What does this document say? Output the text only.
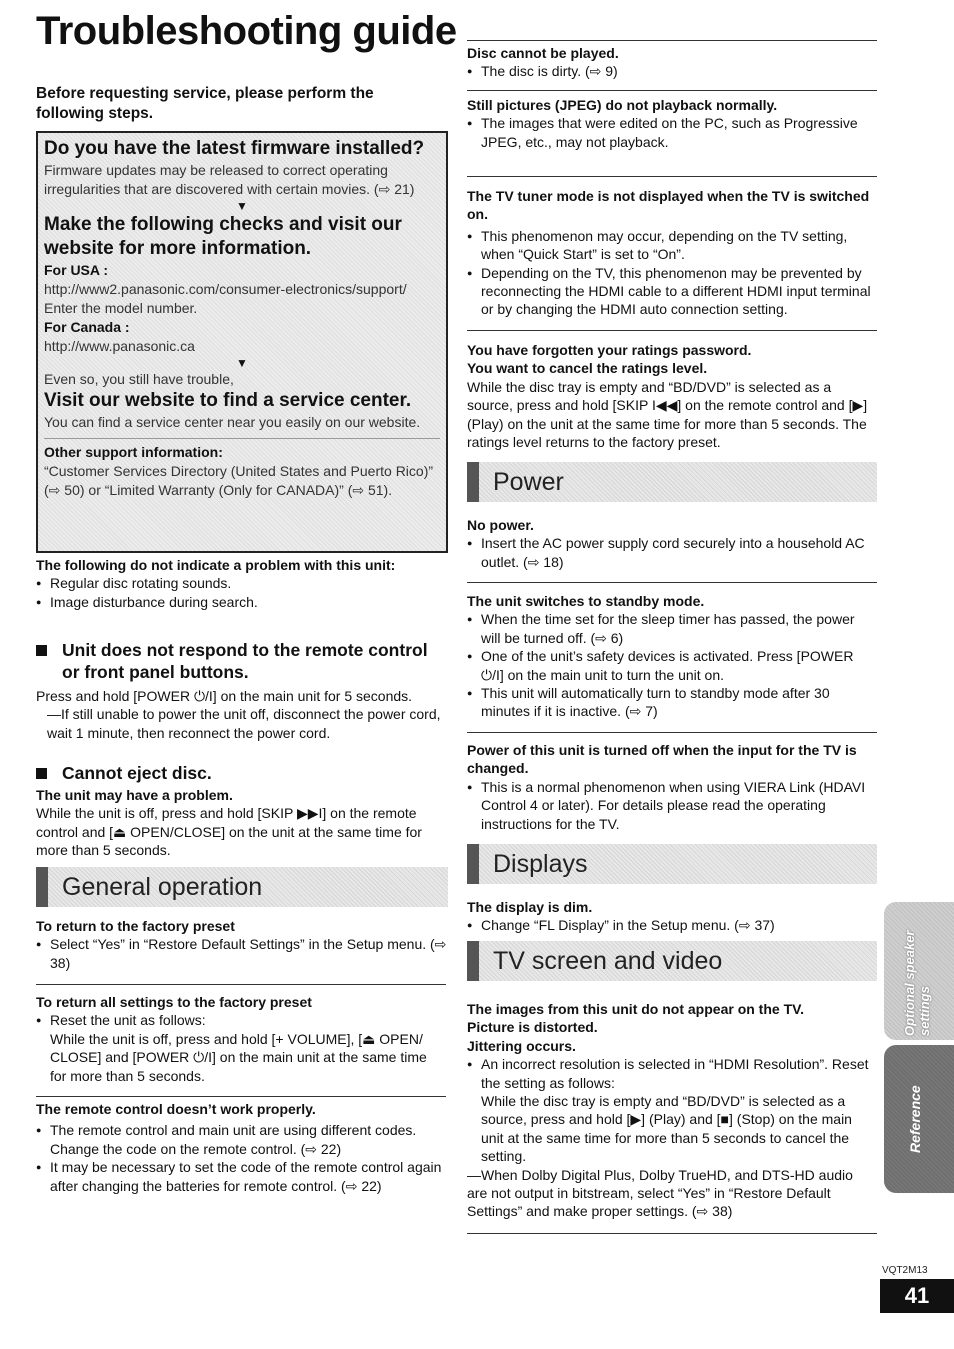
Troubleshooting guide
Before requesting service, please perform the following steps.
Do you have the latest firmware installed?

Firmware updates may be released to correct operating irregularities that are discovered with certain movies. (⇨ 21)

▼
Make the following checks and visit our website for more information.

For USA :

http://www2.panasonic.com/consumer-electronics/support/

Enter the model number.

For Canada :

http://www.panasonic.ca

▼

Even so, you still have trouble,

Visit our website to find a service center.

You can find a service center near you easily on our website.

Other support information:

“Customer Services Directory (United States and Puerto Rico)” (⇨ 50) or “Limited Warranty (Only for CANADA)” (⇨ 51).

The following do not indicate a problem with this unit:
● Regular disc rotating sounds.
● Image disturbance during search.
Unit does not respond to the remote control or front panel buttons.

Press and hold [POWER ⏻/I] on the main unit for 5 seconds.

—If still unable to power the unit off, disconnect the power cord, wait 1 minute, then reconnect the power cord.

Cannot eject disc.
The unit may have a problem.

While the unit is off, press and hold [SKIP ▶▶I] on the remote control and [⏏ OPEN/CLOSE] on the unit at the same time for more than 5 seconds.

General operation
To return to the factory preset
● Select “Yes” in “Restore Default Settings” in the Setup menu. (⇨ 38)
To return all settings to the factory preset
● Reset the unit as follows:

While the unit is off, press and hold [+ VOLUME], [⏏ OPEN/ CLOSE] and [POWER ⏻/I] on the main unit at the same time for more than 5 seconds.

The remote control doesn’t work properly.
● The remote control and main unit are using different codes. Change the code on the remote control. (⇨ 22)
● It may be necessary to set the code of the remote control again after changing the batteries for remote control. (⇨ 22)
Disc cannot be played.
● The disc is dirty. (⇨ 9)
Still pictures (JPEG) do not playback normally.
● The images that were edited on the PC, such as Progressive JPEG, etc., may not playback.
The TV tuner mode is not displayed when the TV is switched on.
● This phenomenon may occur, depending on the TV setting, when “Quick Start” is set to “On”.
● Depending on the TV, this phenomenon may be prevented by reconnecting the HDMI cable to a different HDMI input terminal or by changing the HDMI auto connection setting.
You have forgotten your ratings password.
You want to cancel the ratings level.

While the disc tray is empty and “BD/DVD” is selected as a source, press and hold [SKIP I◀◀] on the remote control and [▶] (Play) on the unit at the same time for more than 5 seconds. The ratings level returns to the factory preset.

Power
No power.
● Insert the AC power supply cord securely into a household AC outlet. (⇨ 18)
The unit switches to standby mode.
● When the time set for the sleep timer has passed, the power will be turned off. (⇨ 6)
● One of the unit’s safety devices is activated. Press [POWER ⏻/I] on the main unit to turn the unit on.
● This unit will automatically turn to standby mode after 30 minutes if it is inactive. (⇨ 7)
Power of this unit is turned off when the input for the TV is changed.
● This is a normal phenomenon when using VIERA Link (HDAVI Control 4 or later). For details please read the operating instructions for the TV.
Displays
The display is dim.
● Change “FL Display” in the Setup menu. (⇨ 37)
TV screen and video
The images from this unit do not appear on the TV.
Picture is distorted.
Jittering occurs.
● An incorrect resolution is selected in “HDMI Resolution”. Reset the setting as follows:

While the disc tray is empty and “BD/DVD” is selected as a source, press and hold [▶] (Play) and [■] (Stop) on the main unit at the same time for more than 5 seconds to cancel the setting.

—When Dolby Digital Plus, Dolby TrueHD, and DTS-HD audio are not output in bitstream, select “Yes” in “Restore Default Settings” and make proper settings. (⇨ 38)

Optional speaker settings
Reference
VQT2M13
41
